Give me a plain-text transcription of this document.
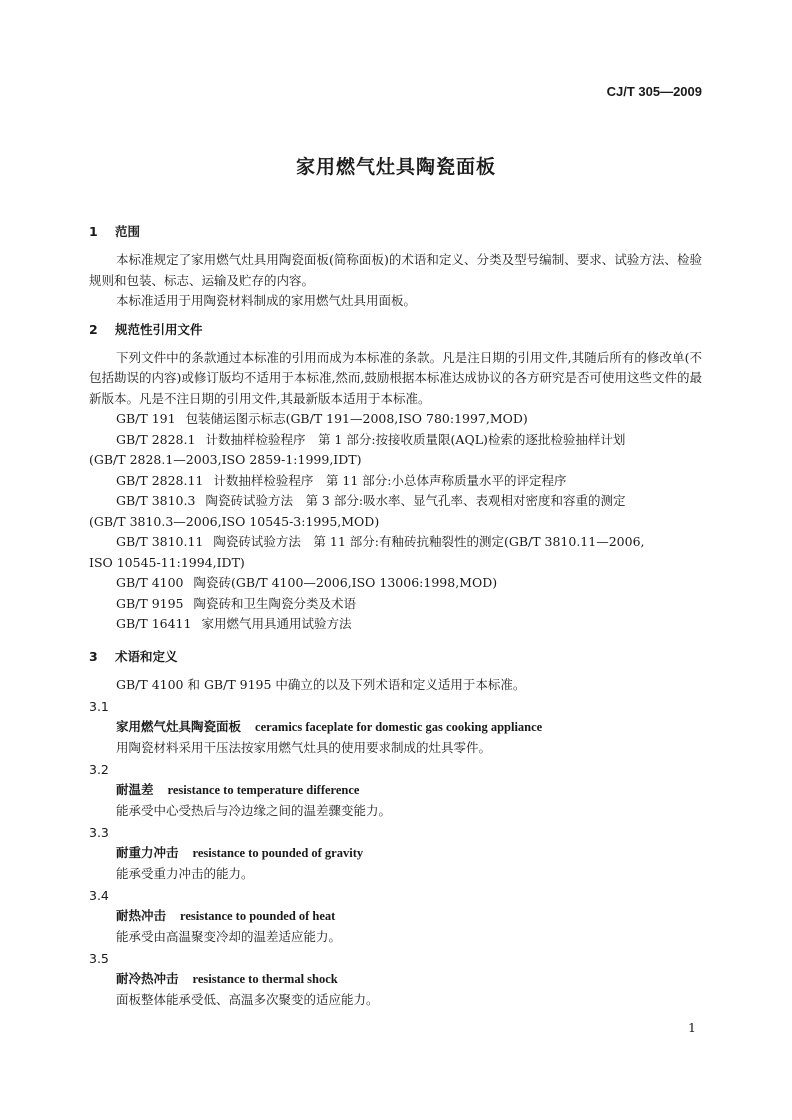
CJ/T 305—2009
家用燃气灶具陶瓷面板
1 范围

本标准规定了家用燃气灶具用陶瓷面板(简称面板)的术语和定义、分类及型号编制、要求、试验方法、检验规则和包装、标志、运输及贮存的内容。

本标准适用于用陶瓷材料制成的家用燃气灶具用面板。

2 规范性引用文件

下列文件中的条款通过本标准的引用而成为本标准的条款。凡是注日期的引用文件,其随后所有的修改单(不包括勘误的内容)或修订版均不适用于本标准,然而,鼓励根据本标准达成协议的各方研究是否可使用这些文件的最新版本。凡是不注日期的引用文件,其最新版本适用于本标准。

GB/T 191 包装储运图示标志(GB/T 191—2008,ISO 780:1997,MOD)

GB/T 2828.1 计数抽样检验程序　第 1 部分:按接收质量限(AQL)检索的逐批检验抽样计划
(GB/T 2828.1—2003,ISO 2859-1:1999,IDT)

GB/T 2828.11 计数抽样检验程序　第 11 部分:小总体声称质量水平的评定程序

GB/T 3810.3 陶瓷砖试验方法　第 3 部分:吸水率、显气孔率、表观相对密度和容重的测定
(GB/T 3810.3—2006,ISO 10545-3:1995,MOD)

GB/T 3810.11 陶瓷砖试验方法　第 11 部分:有釉砖抗釉裂性的测定(GB/T 3810.11—2006,
ISO 10545-11:1994,IDT)

GB/T 4100 陶瓷砖(GB/T 4100—2006,ISO 13006:1998,MOD)

GB/T 9195 陶瓷砖和卫生陶瓷分类及术语

GB/T 16411 家用燃气用具通用试验方法

3 术语和定义

GB/T 4100 和 GB/T 9195 中确立的以及下列术语和定义适用于本标准。

3.1
家用燃气灶具陶瓷面板 ceramics faceplate for domestic gas cooking appliance
用陶瓷材料采用干压法按家用燃气灶具的使用要求制成的灶具零件。
3.2
耐温差 resistance to temperature difference
能承受中心受热后与冷边缘之间的温差骤变能力。
3.3
耐重力冲击 resistance to pounded of gravity
能承受重力冲击的能力。
3.4
耐热冲击 resistance to pounded of heat
能承受由高温聚变冷却的温差适应能力。
3.5
耐冷热冲击 resistance to thermal shock
面板整体能承受低、高温多次聚变的适应能力。
1
